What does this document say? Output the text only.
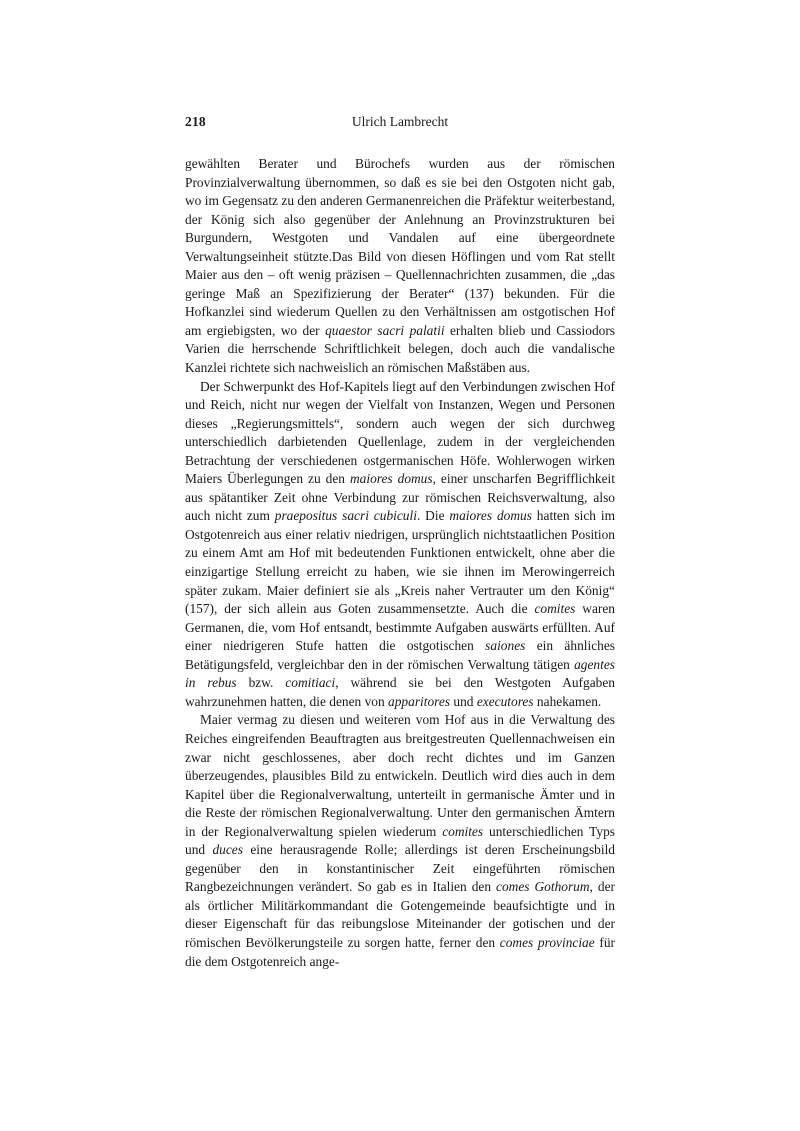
218	Ulrich Lambrecht

gewählten Berater und Bürochefs wurden aus der römischen Provinzialverwaltung übernommen, so daß es sie bei den Ostgoten nicht gab, wo im Gegensatz zu den anderen Germanenreichen die Präfektur weiterbestand, der König sich also gegenüber der Anlehnung an Provinzstrukturen bei Burgundern, Westgoten und Vandalen auf eine übergeordnete Verwaltungseinheit stützte.Das Bild von diesen Höflingen und vom Rat stellt Maier aus den – oft wenig präzisen – Quellennachrichten zusammen, die „das geringe Maß an Spezifizierung der Berater“ (137) bekunden. Für die Hofkanzlei sind wiederum Quellen zu den Verhältnissen am ostgotischen Hof am ergiebigsten, wo der quaestor sacri palatii erhalten blieb und Cassiodors Varien die herrschende Schriftlichkeit belegen, doch auch die vandalische Kanzlei richtete sich nachweislich an römischen Maßstäben aus.

Der Schwerpunkt des Hof-Kapitels liegt auf den Verbindungen zwischen Hof und Reich, nicht nur wegen der Vielfalt von Instanzen, Wegen und Personen dieses „Regierungsmittels“, sondern auch wegen der sich durchweg unterschiedlich darbietenden Quellenlage, zudem in der vergleichenden Betrachtung der verschiedenen ostgermanischen Höfe. Wohlerwogen wirken Maiers Überlegungen zu den maiores domus, einer unscharfen Begrifflichkeit aus spätantiker Zeit ohne Verbindung zur römischen Reichsverwaltung, also auch nicht zum praepositus sacri cubiculi. Die maiores domus hatten sich im Ostgotenreich aus einer relativ niedrigen, ursprünglich nichtstaatlichen Position zu einem Amt am Hof mit bedeutenden Funktionen entwickelt, ohne aber die einzigartige Stellung erreicht zu haben, wie sie ihnen im Merowingerreich später zukam. Maier definiert sie als „Kreis naher Vertrauter um den König“ (157), der sich allein aus Goten zusammensetzte. Auch die comites waren Germanen, die, vom Hof entsandt, bestimmte Aufgaben auswärts erfüllten. Auf einer niedrigeren Stufe hatten die ostgotischen saiones ein ähnliches Betätigungsfeld, vergleichbar den in der römischen Verwaltung tätigen agentes in rebus bzw. comitiaci, während sie bei den Westgoten Aufgaben wahrzunehmen hatten, die denen von apparitores und executores nahekamen.

Maier vermag zu diesen und weiteren vom Hof aus in die Verwaltung des Reiches eingreifenden Beauftragten aus breitgestreuten Quellennachweisen ein zwar nicht geschlossenes, aber doch recht dichtes und im Ganzen überzeugendes, plausibles Bild zu entwickeln. Deutlich wird dies auch in dem Kapitel über die Regionalverwaltung, unterteilt in germanische Ämter und in die Reste der römischen Regionalverwaltung. Unter den germanischen Ämtern in der Regionalverwaltung spielen wiederum comites unterschiedlichen Typs und duces eine herausragende Rolle; allerdings ist deren Erscheinungsbild gegenüber den in konstantinischer Zeit eingeführten römischen Rangbezeichnungen verändert. So gab es in Italien den comes Gothorum, der als örtlicher Militärkommandant die Gotengemeinde beaufsichtigte und in dieser Eigenschaft für das reibungslose Miteinander der gotischen und der römischen Bevölkerungsteile zu sorgen hatte, ferner den comes provinciae für die dem Ostgotenreich ange-
